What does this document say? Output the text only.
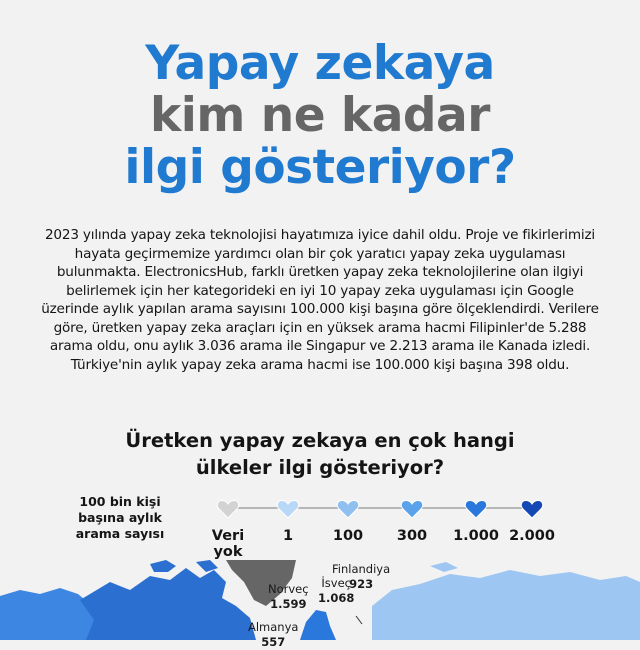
Yapay zekaya
kim ne kadar
ilgi gösteriyor?

2023 yılında yapay zeka teknolojisi hayatımıza iyice dahil oldu. Proje ve fikirlerimizi hayata geçirmemize yardımcı olan bir çok yaratıcı yapay zeka uygulaması bulunmakta. ElectronicsHub, farklı üretken yapay zeka teknolojilerine olan ilgiyi belirlemek için her kategorideki en iyi 10 yapay zeka uygulaması için Google üzerinde aylık yapılan arama sayısını 100.000 kişi başına göre ölçeklendirdi. Verilere göre, üretken yapay zeka araçları için en yüksek arama hacmi Filipinler'de 5.288 arama oldu, onu aylık 3.036 arama ile Singapur ve 2.213 arama ile Kanada izledi. Türkiye'nin aylık yapay zeka arama hacmi ise 100.000 kişi başına 398 oldu.

Üretken yapay zekaya en çok hangi
ülkeler ilgi gösteriyor?
100 bin kişi
başına aylık
arama sayısı	Veri yok
1	100	300	1.000 2.000
Finlandiya
923
Norveç
1.599
İsveç
1.068
Almanya
557
